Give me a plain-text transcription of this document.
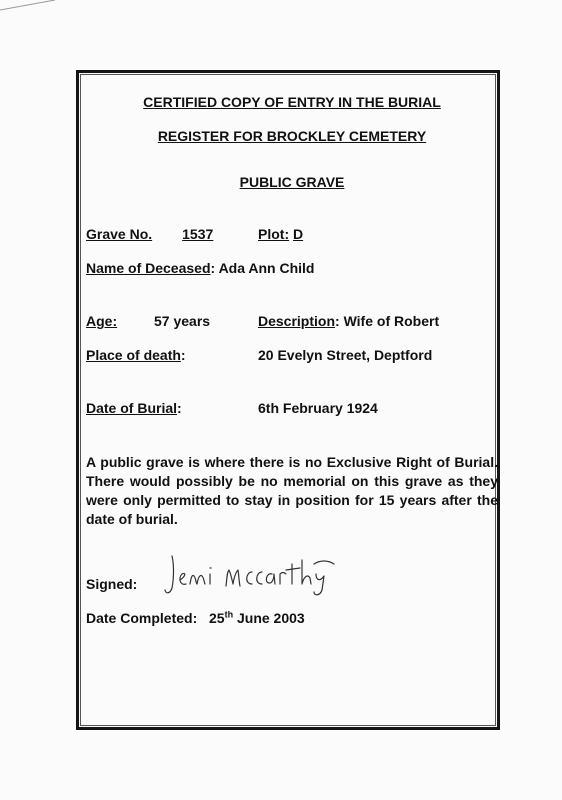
CERTIFIED COPY OF ENTRY IN THE BURIAL
REGISTER FOR BROCKLEY CEMETERY
PUBLIC GRAVE
Grave No. 1537	Plot: D
Name of Deceased: Ada Ann Child
Age:	57 years	Description: Wife of Robert
Place of death:	20 Evelyn Street, Deptford
Date of Burial:	6th February 1924
A public grave is where there is no Exclusive Right of Burial. There would possibly be no memorial on this grave as they were only permitted to stay in position for 15 years after the date of burial.
Signed:
Date Completed: 25th June 2003
